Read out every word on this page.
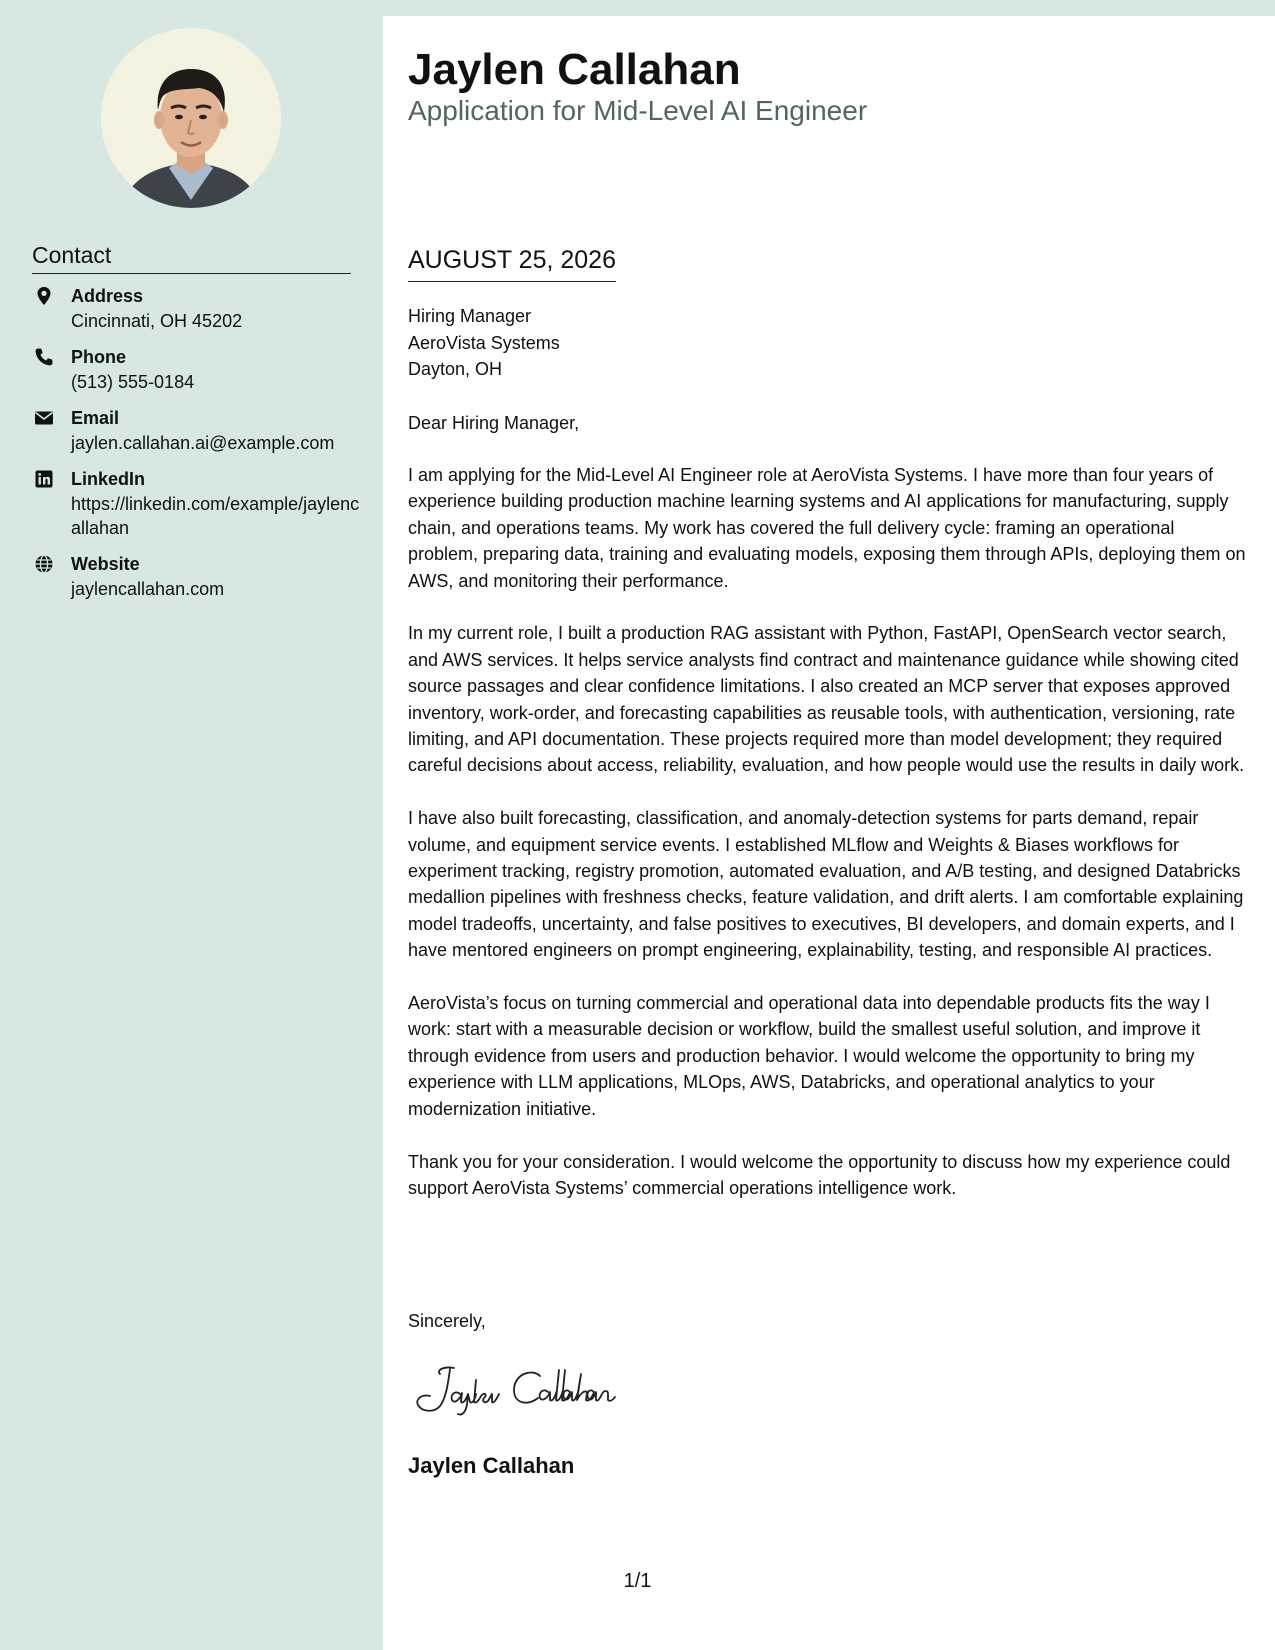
Contact
Address
Cincinnati, OH 45202
Phone
(513) 555-0184
Email
jaylen.callahan.ai@example.com
LinkedIn
https://linkedin.com/example/jaylencallahan
Website
jaylencallahan.com
Jaylen Callahan
Application for Mid-Level AI Engineer
AUGUST 25, 2026
Hiring Manager
AeroVista Systems
Dayton, OH
Dear Hiring Manager,

I am applying for the Mid-Level AI Engineer role at AeroVista Systems. I have more than four years of experience building production machine learning systems and AI applications for manufacturing, supply chain, and operations teams. My work has covered the full delivery cycle: framing an operational problem, preparing data, training and evaluating models, exposing them through APIs, deploying them on AWS, and monitoring their performance.

In my current role, I built a production RAG assistant with Python, FastAPI, OpenSearch vector search, and AWS services. It helps service analysts find contract and maintenance guidance while showing cited source passages and clear confidence limitations. I also created an MCP server that exposes approved inventory, work-order, and forecasting capabilities as reusable tools, with authentication, versioning, rate limiting, and API documentation. These projects required more than model development; they required careful decisions about access, reliability, evaluation, and how people would use the results in daily work.

I have also built forecasting, classification, and anomaly-detection systems for parts demand, repair volume, and equipment service events. I established MLflow and Weights & Biases workflows for experiment tracking, registry promotion, automated evaluation, and A/B testing, and designed Databricks medallion pipelines with freshness checks, feature validation, and drift alerts. I am comfortable explaining model tradeoffs, uncertainty, and false positives to executives, BI developers, and domain experts, and I have mentored engineers on prompt engineering, explainability, testing, and responsible AI practices.

AeroVista’s focus on turning commercial and operational data into dependable products fits the way I work: start with a measurable decision or workflow, build the smallest useful solution, and improve it through evidence from users and production behavior. I would welcome the opportunity to bring my experience with LLM applications, MLOps, AWS, Databricks, and operational analytics to your modernization initiative.

Thank you for your consideration. I would welcome the opportunity to discuss how my experience could support AeroVista Systems’ commercial operations intelligence work.

Sincerely,
Jaylen Callahan
1/1
